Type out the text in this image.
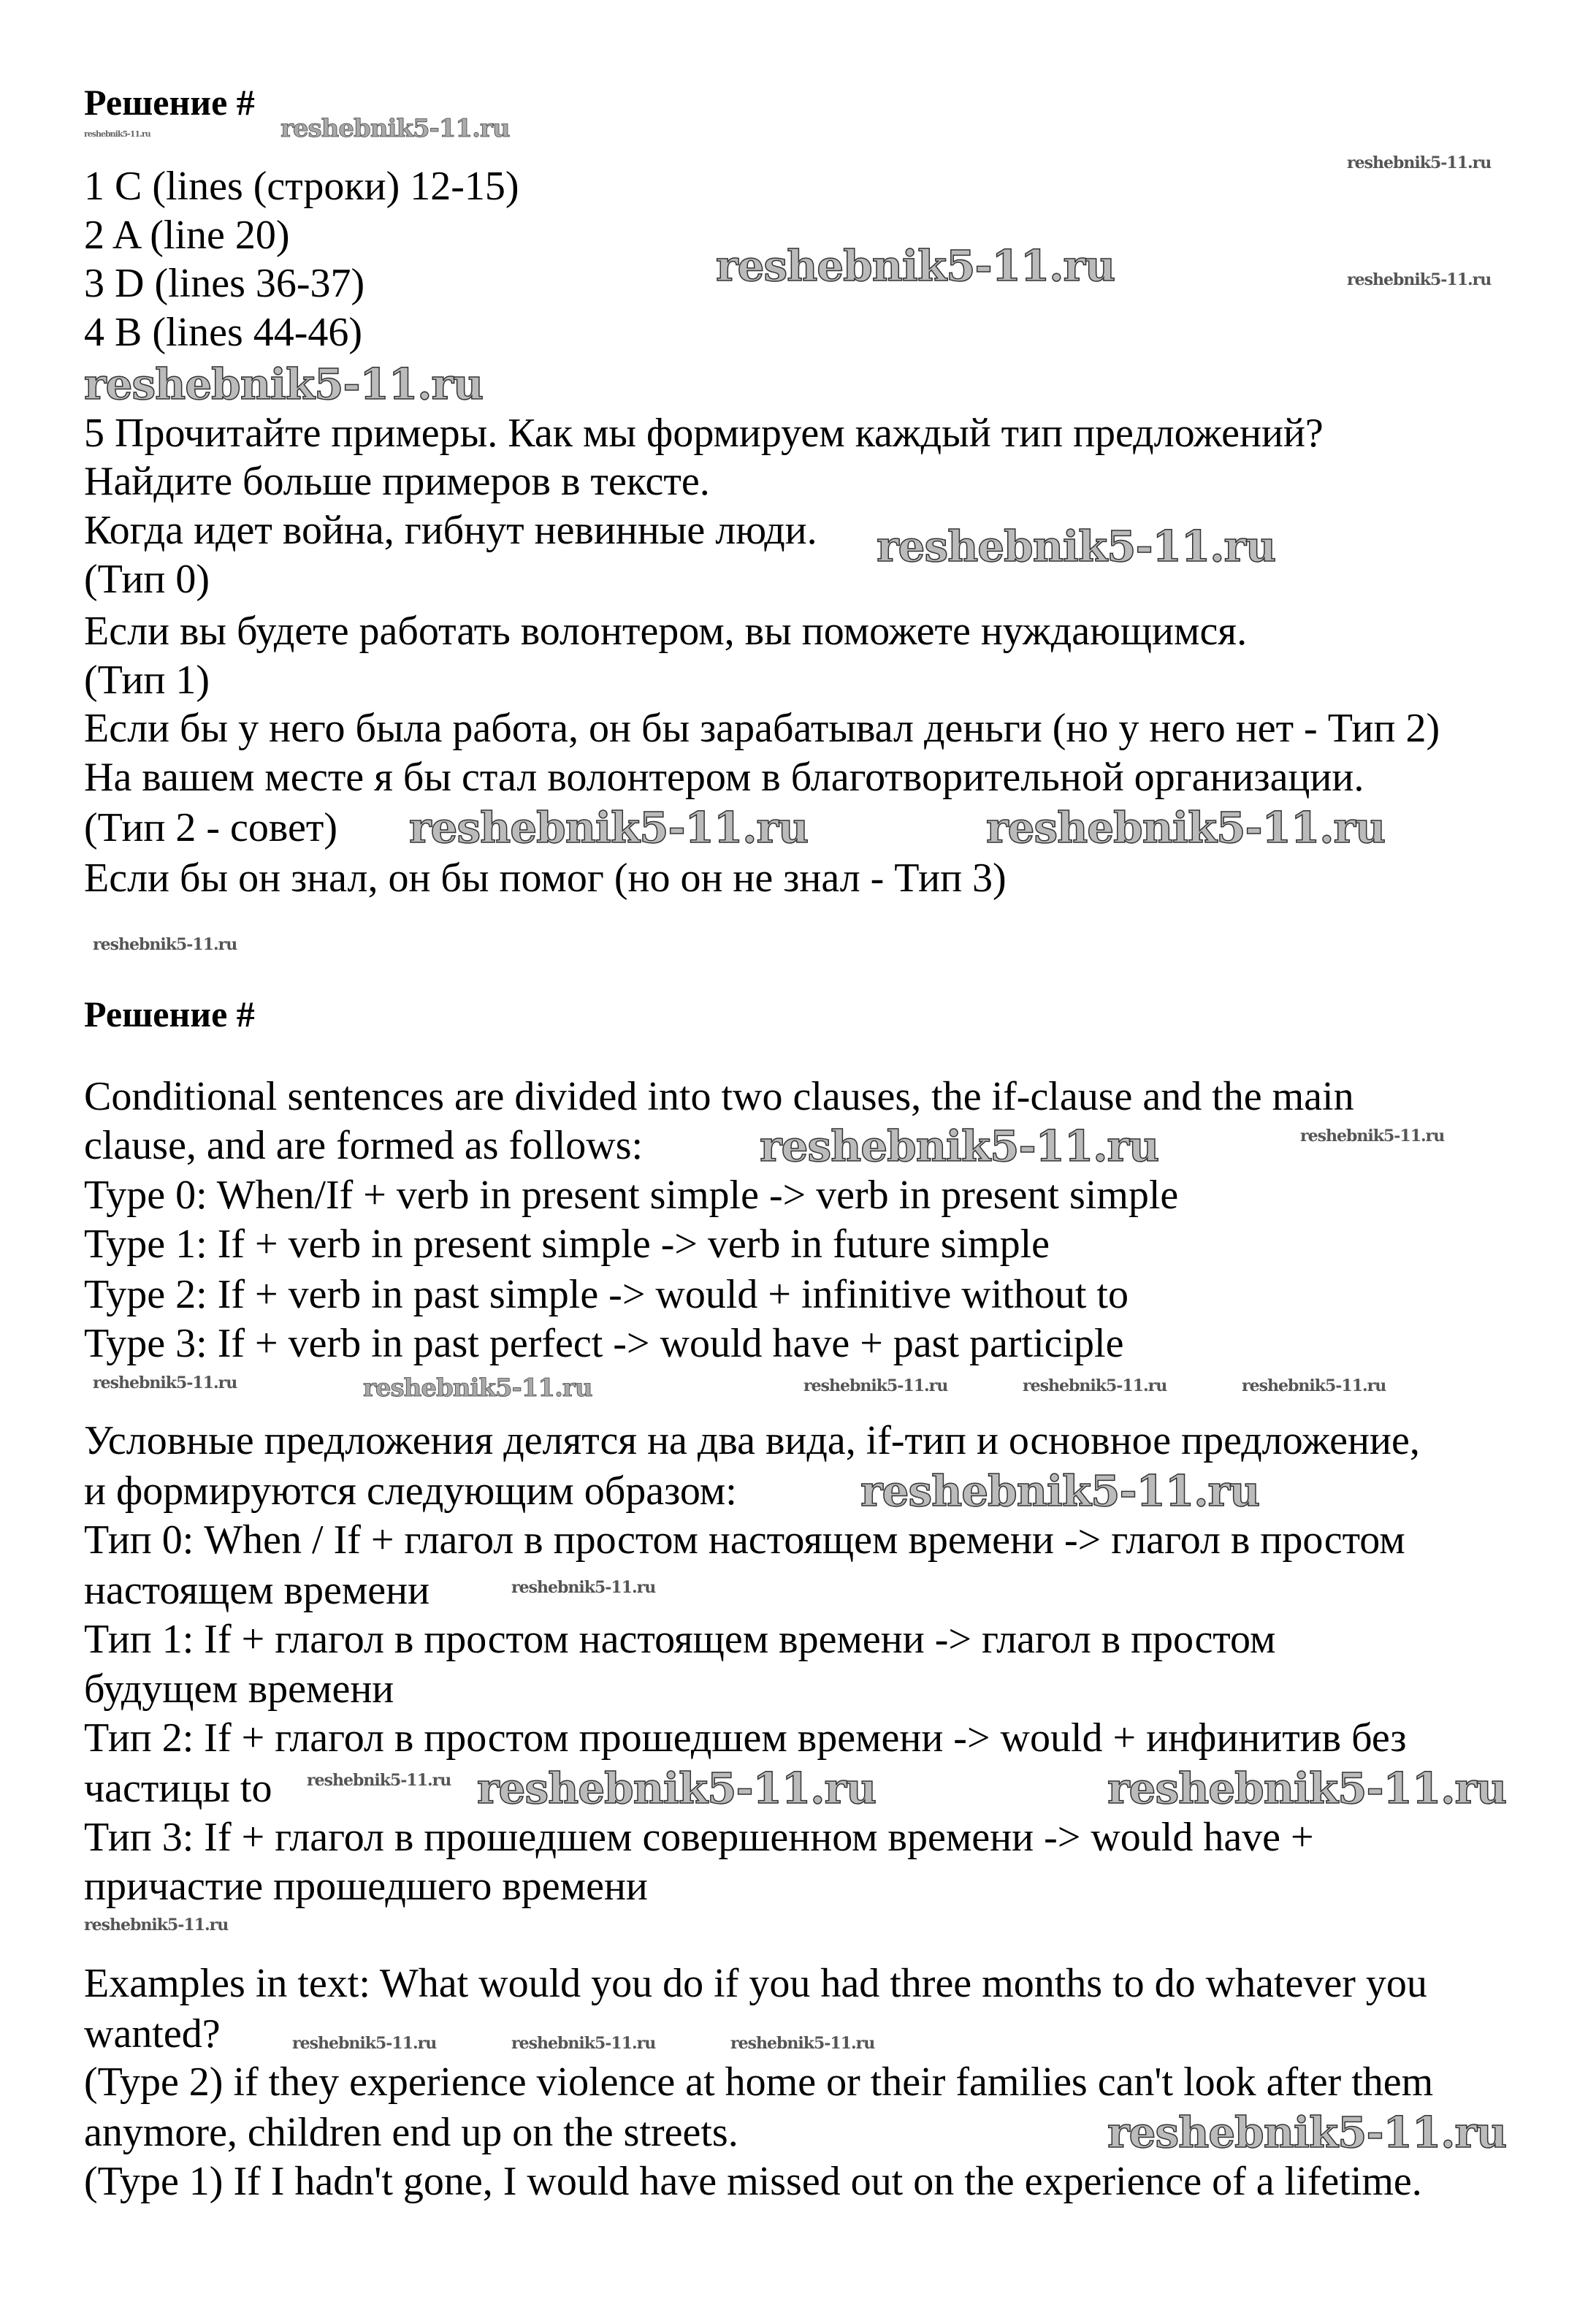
Решение #
1 C (lines (строки) 12-15)
2 A (line 20)
3 D (lines 36-37)
4 B (lines 44-46)
5 Прочитайте примеры. Как мы формируем каждый тип предложений?
Найдите больше примеров в тексте.
Когда идет война, гибнут невинные люди.
(Тип 0)
Если вы будете работать волонтером, вы поможете нуждающимся.
(Тип 1)
Если бы у него была работа, он бы зарабатывал деньги (но у него нет - Тип 2)
На вашем месте я бы стал волонтером в благотворительной организации.
(Тип 2 - совет)
Если бы он знал, он бы помог (но он не знал - Тип 3)
Решение #
Conditional sentences are divided into two clauses, the if-clause and the main
clause, and are formed as follows:
Type 0: When/If + verb in present simple -> verb in present simple
Type 1: If + verb in present simple -> verb in future simple
Type 2: If + verb in past simple -> would + infinitive without to
Type 3: If + verb in past perfect -> would have + past participle
Условные предложения делятся на два вида, if-тип и основное предложение,
и формируются следующим образом:
Тип 0: When / If + глагол в простом настоящем времени -> глагол в простом
настоящем времени
Тип 1: If + глагол в простом настоящем времени -> глагол в простом
будущем времени
Тип 2: If + глагол в простом прошедшем времени -> would + инфинитив без
частицы to
Тип 3: If + глагол в прошедшем совершенном времени -> would have +
причастие прошедшего времени
Examples in text: What would you do if you had three months to do whatever you
wanted?
(Type 2) if they experience violence at home or their families can't look after them
anymore, children end up on the streets.
(Type 1) If I hadn't gone, I would have missed out on the experience of a lifetime.
reshebnik5-11.ru
reshebnik5-11.ru
reshebnik5-11.ru
reshebnik5-11.ru	reshebnik5-11.ru
reshebnik5-11.ru
reshebnik5-11.ru
reshebnik5-11.ru	reshebnik5-11.ru
reshebnik5-11.ru
reshebnik5-11.ru
reshebnik5-11.ru
reshebnik5-11.ru
reshebnik5-11.ru
reshebnik5-11.ru
reshebnik5-11.ru
reshebnik5-11.ru	reshebnik5-11.ru	reshebnik5-11.ru
reshebnik5-11.ru
reshebnik5-11.ru
reshebnik5-11.ru
reshebnik5-11.ru
reshebnik5-11.ru
reshebnik5-11.ru	reshebnik5-11.ru	reshebnik5-11.ru
